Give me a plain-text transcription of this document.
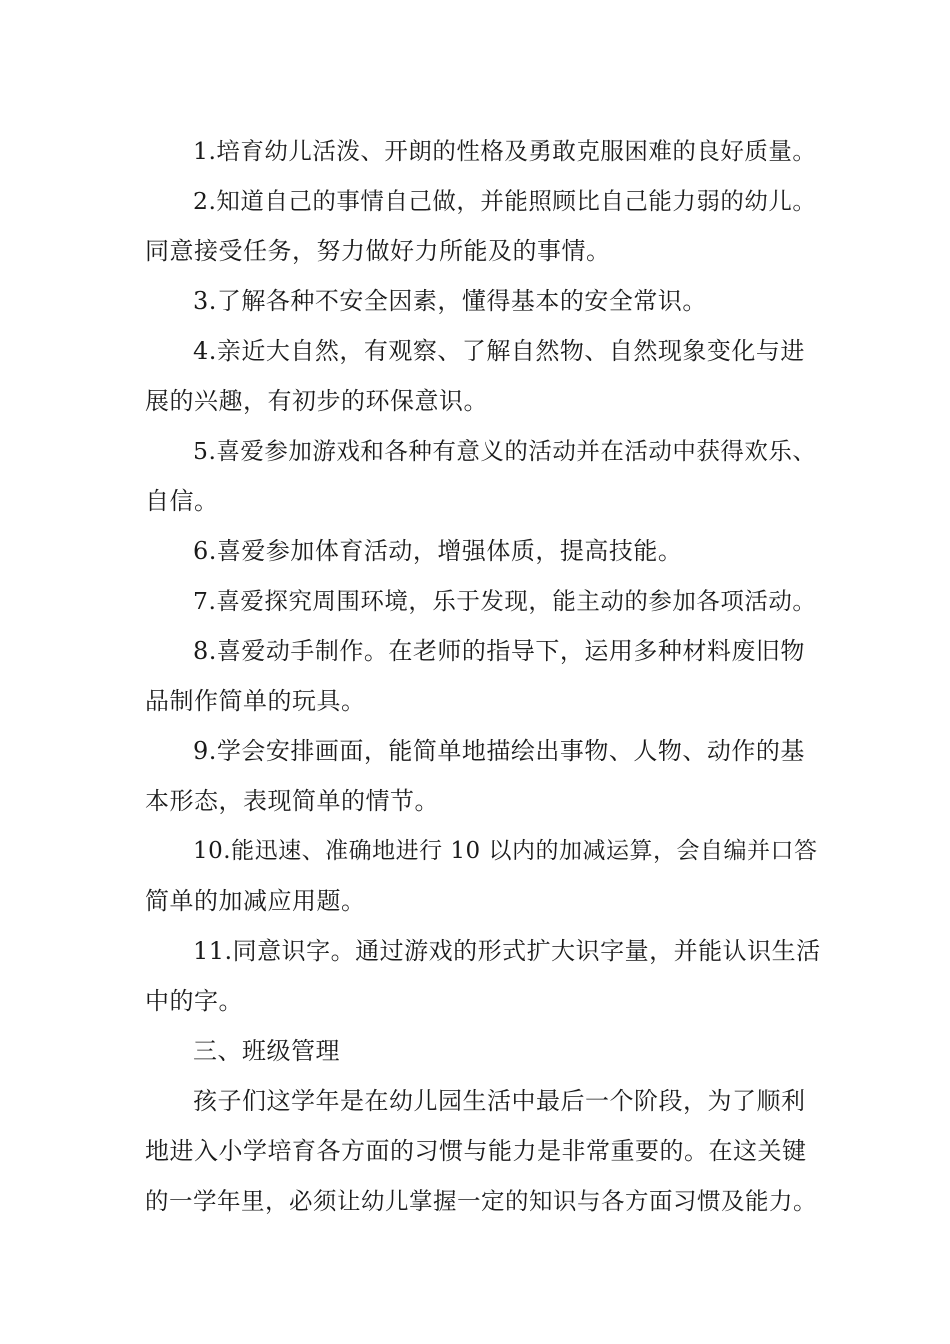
1.培育幼儿活泼、开朗的性格及勇敢克服困难的良好质量。
2.知道自己的事情自己做，并能照顾比自己能力弱的幼儿。
同意接受任务，努力做好力所能及的事情。
3.了解各种不安全因素，懂得基本的安全常识。
4.亲近大自然，有观察、了解自然物、自然现象变化与进
展的兴趣，有初步的环保意识。
5.喜爱参加游戏和各种有意义的活动并在活动中获得欢乐、
自信。
6.喜爱参加体育活动，增强体质，提高技能。
7.喜爱探究周围环境，乐于发现，能主动的参加各项活动。
8.喜爱动手制作。在老师的指导下，运用多种材料废旧物
品制作简单的玩具。
9.学会安排画面，能简单地描绘出事物、人物、动作的基
本形态，表现简单的情节。
10.能迅速、准确地进行 10 以内的加减运算，会自编并口答
简单的加减应用题。
11.同意识字。通过游戏的形式扩大识字量，并能认识生活
中的字。
三、班级管理
孩子们这学年是在幼儿园生活中最后一个阶段，为了顺利
地进入小学培育各方面的习惯与能力是非常重要的。在这关键
的一学年里，必须让幼儿掌握一定的知识与各方面习惯及能力。
